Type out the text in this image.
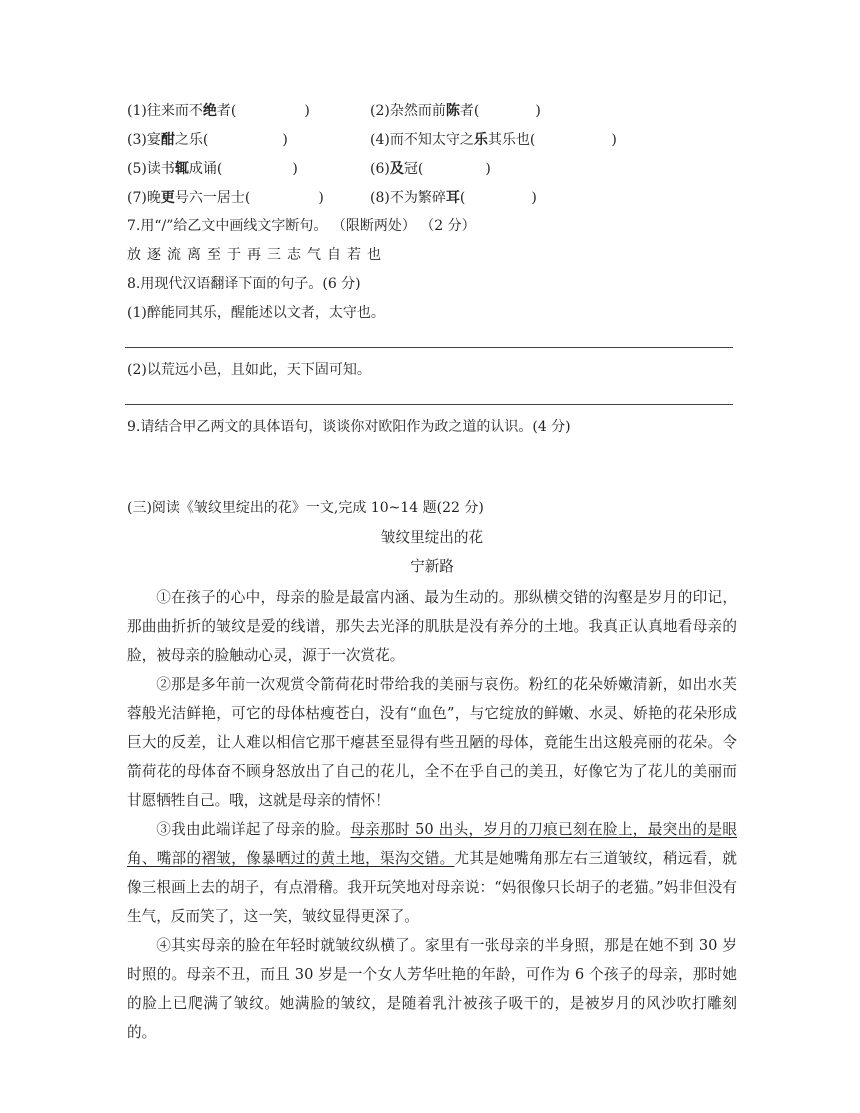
(1)往来而不绝者(	)	(2)杂然而前陈者(	)
(3)宴酣之乐(	)	(4)而不知太守之乐其乐也(	)
(5)读书辄成诵(	)	(6)及冠(	)
(7)晚更号六一居士(	)	(8)不为繁碎耳(	)
7.用“/”给乙文中画线文字断句。 （限断两处） （2 分）
放逐流离至于再三志气自若也
8.用现代汉语翻译下面的句子。(6 分)
(1)醉能同其乐，醒能述以文者，太守也。
(2)以荒远小邑，且如此，天下固可知。
9.请结合甲乙两文的具体语句，谈谈你对欧阳作为政之道的认识。(4 分)
(三)阅读《皱纹里绽出的花》一文,完成 10~14 题(22 分)
皱纹里绽出的花
宁新路

①在孩子的心中，母亲的脸是最富内涵、最为生动的。那纵横交错的沟壑是岁月的印记，那曲曲折折的皱纹是爱的线谱，那失去光泽的肌肤是没有养分的土地。我真正认真地看母亲的脸，被母亲的脸触动心灵，源于一次赏花。

②那是多年前一次观赏令箭荷花时带给我的美丽与哀伤。粉红的花朵娇嫩清新，如出水芙蓉般光洁鲜艳，可它的母体枯瘦苍白，没有“血色”，与它绽放的鲜嫩、水灵、娇艳的花朵形成巨大的反差，让人难以相信它那干瘪甚至显得有些丑陋的母体，竟能生出这般亮丽的花朵。令箭荷花的母体奋不顾身怒放出了自己的花儿，全不在乎自己的美丑，好像它为了花儿的美丽而甘愿牺牲自己。哦，这就是母亲的情怀！

③我由此端详起了母亲的脸。母亲那时 50 出头，岁月的刀痕已刻在脸上，最突出的是眼角、嘴部的褶皱，像暴晒过的黄土地，渠沟交错。尤其是她嘴角那左右三道皱纹，稍远看，就像三根画上去的胡子，有点滑稽。我开玩笑地对母亲说：“妈很像只长胡子的老猫。”妈非但没有生气，反而笑了，这一笑，皱纹显得更深了。

④其实母亲的脸在年轻时就皱纹纵横了。家里有一张母亲的半身照，那是在她不到 30 岁时照的。母亲不丑，而且 30 岁是一个女人芳华吐艳的年龄，可作为 6 个孩子的母亲，那时她的脸上已爬满了皱纹。她满脸的皱纹，是随着乳汁被孩子吸干的，是被岁月的风沙吹打雕刻的。
